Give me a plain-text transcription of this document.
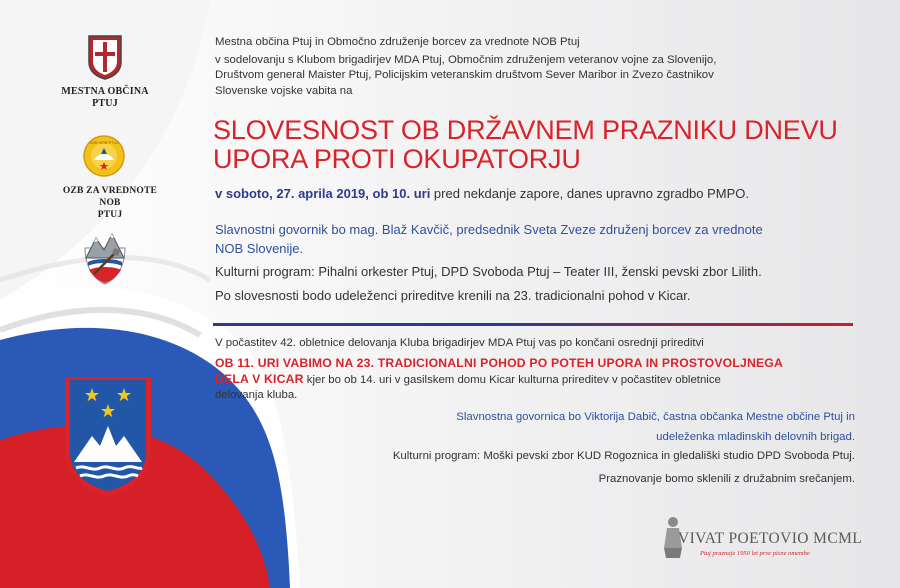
MESTNA OBČINA
PTUJ
OZB NOB PTUJ
OZB ZA VREDNOTE NOB
PTUJ
Mestna občina Ptuj in Območno združenje borcev za vrednote NOB Ptuj
v sodelovanju s Klubom brigadirjev MDA Ptuj, Območnim združenjem veteranov vojne za Slovenijo,
Društvom general Maister Ptuj, Policijskim veteranskim društvom Sever Maribor in Zvezo častnikov
Slovenske vojske vabita na
SLOVESNOST OB DRŽAVNEM PRAZNIKU DNEVU
UPORA PROTI OKUPATORJU
v soboto, 27. aprila 2019, ob 10. uri pred nekdanje zapore, danes upravno zgradbo PMPO.
Slavnostni govornik bo mag. Blaž Kavčič, predsednik Sveta Zveze združenj borcev za vrednote
NOB Slovenije.
Kulturni program: Pihalni orkester Ptuj, DPD Svoboda Ptuj – Teater III, ženski pevski zbor Lilith.
Po slovesnosti bodo udeleženci prireditve krenili na 23. tradicionalni pohod v Kicar.
V počastitev 42. obletnice delovanja Kluba brigadirjev MDA Ptuj vas po končani osrednji prireditvi
OB 11. URI VABIMO NA 23. TRADICIONALNI POHOD PO POTEH UPORA IN PROSTOVOLJNEGA
DELA V KICAR kjer bo ob 14. uri v gasilskem domu Kicar kulturna prireditev v počastitev obletnice
delovanja kluba.
Slavnostna govornica bo Viktorija Dabič, častna občanka Mestne občine Ptuj in
udeleženka mladinskih delovnih brigad.
Kulturni program: Moški pevski zbor KUD Rogoznica in gledališki studio DPD Svoboda Ptuj.
Praznovanje bomo sklenili z družabnim srečanjem.
VIVAT POETOVIO MCML
Ptuj praznuje 1950 let prve pisne omembe
